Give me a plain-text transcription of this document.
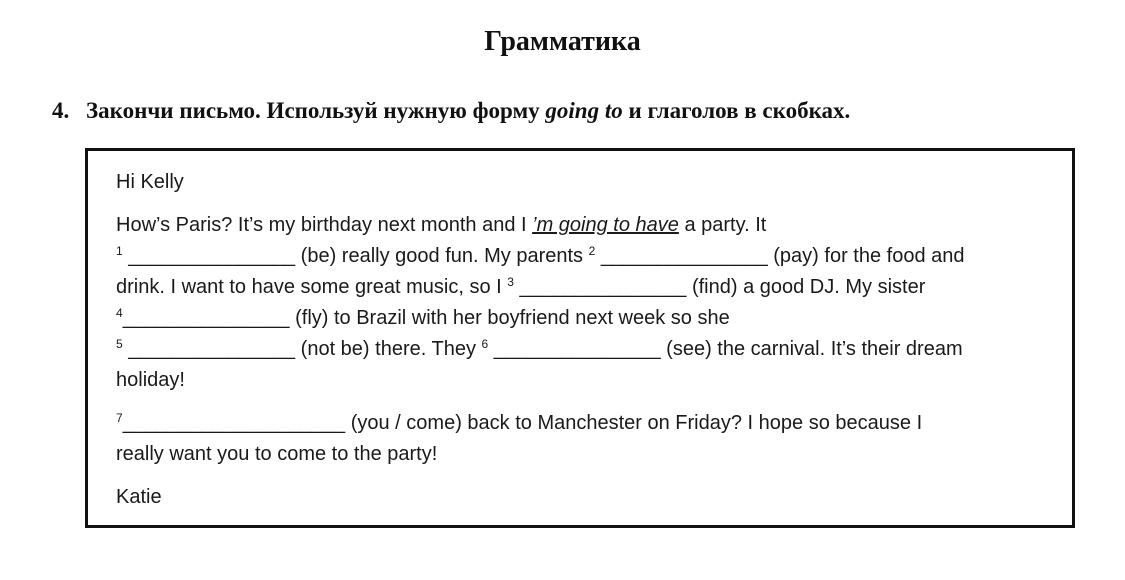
Грамматика
4. Закончи письмо. Используй нужную форму going to и глаголов в скобках.

Hi Kelly

How’s Paris? It’s my birthday next month and I ’m going to have a party. It
$^1$ _______________ (be) really good fun. My parents $^2$ _______________ (pay) for the food and
drink. I want to have some great music, so I $^3$ _______________ (find) a good DJ. My sister
$^4$_______________ (fly) to Brazil with her boyfriend next week so she
$^5$ _______________ (not be) there. They $^6$ _______________ (see) the carnival. It’s their dream
holiday!
$^7$____________________ (you / come) back to Manchester on Friday? I hope so because I
really want you to come to the party!

Katie
